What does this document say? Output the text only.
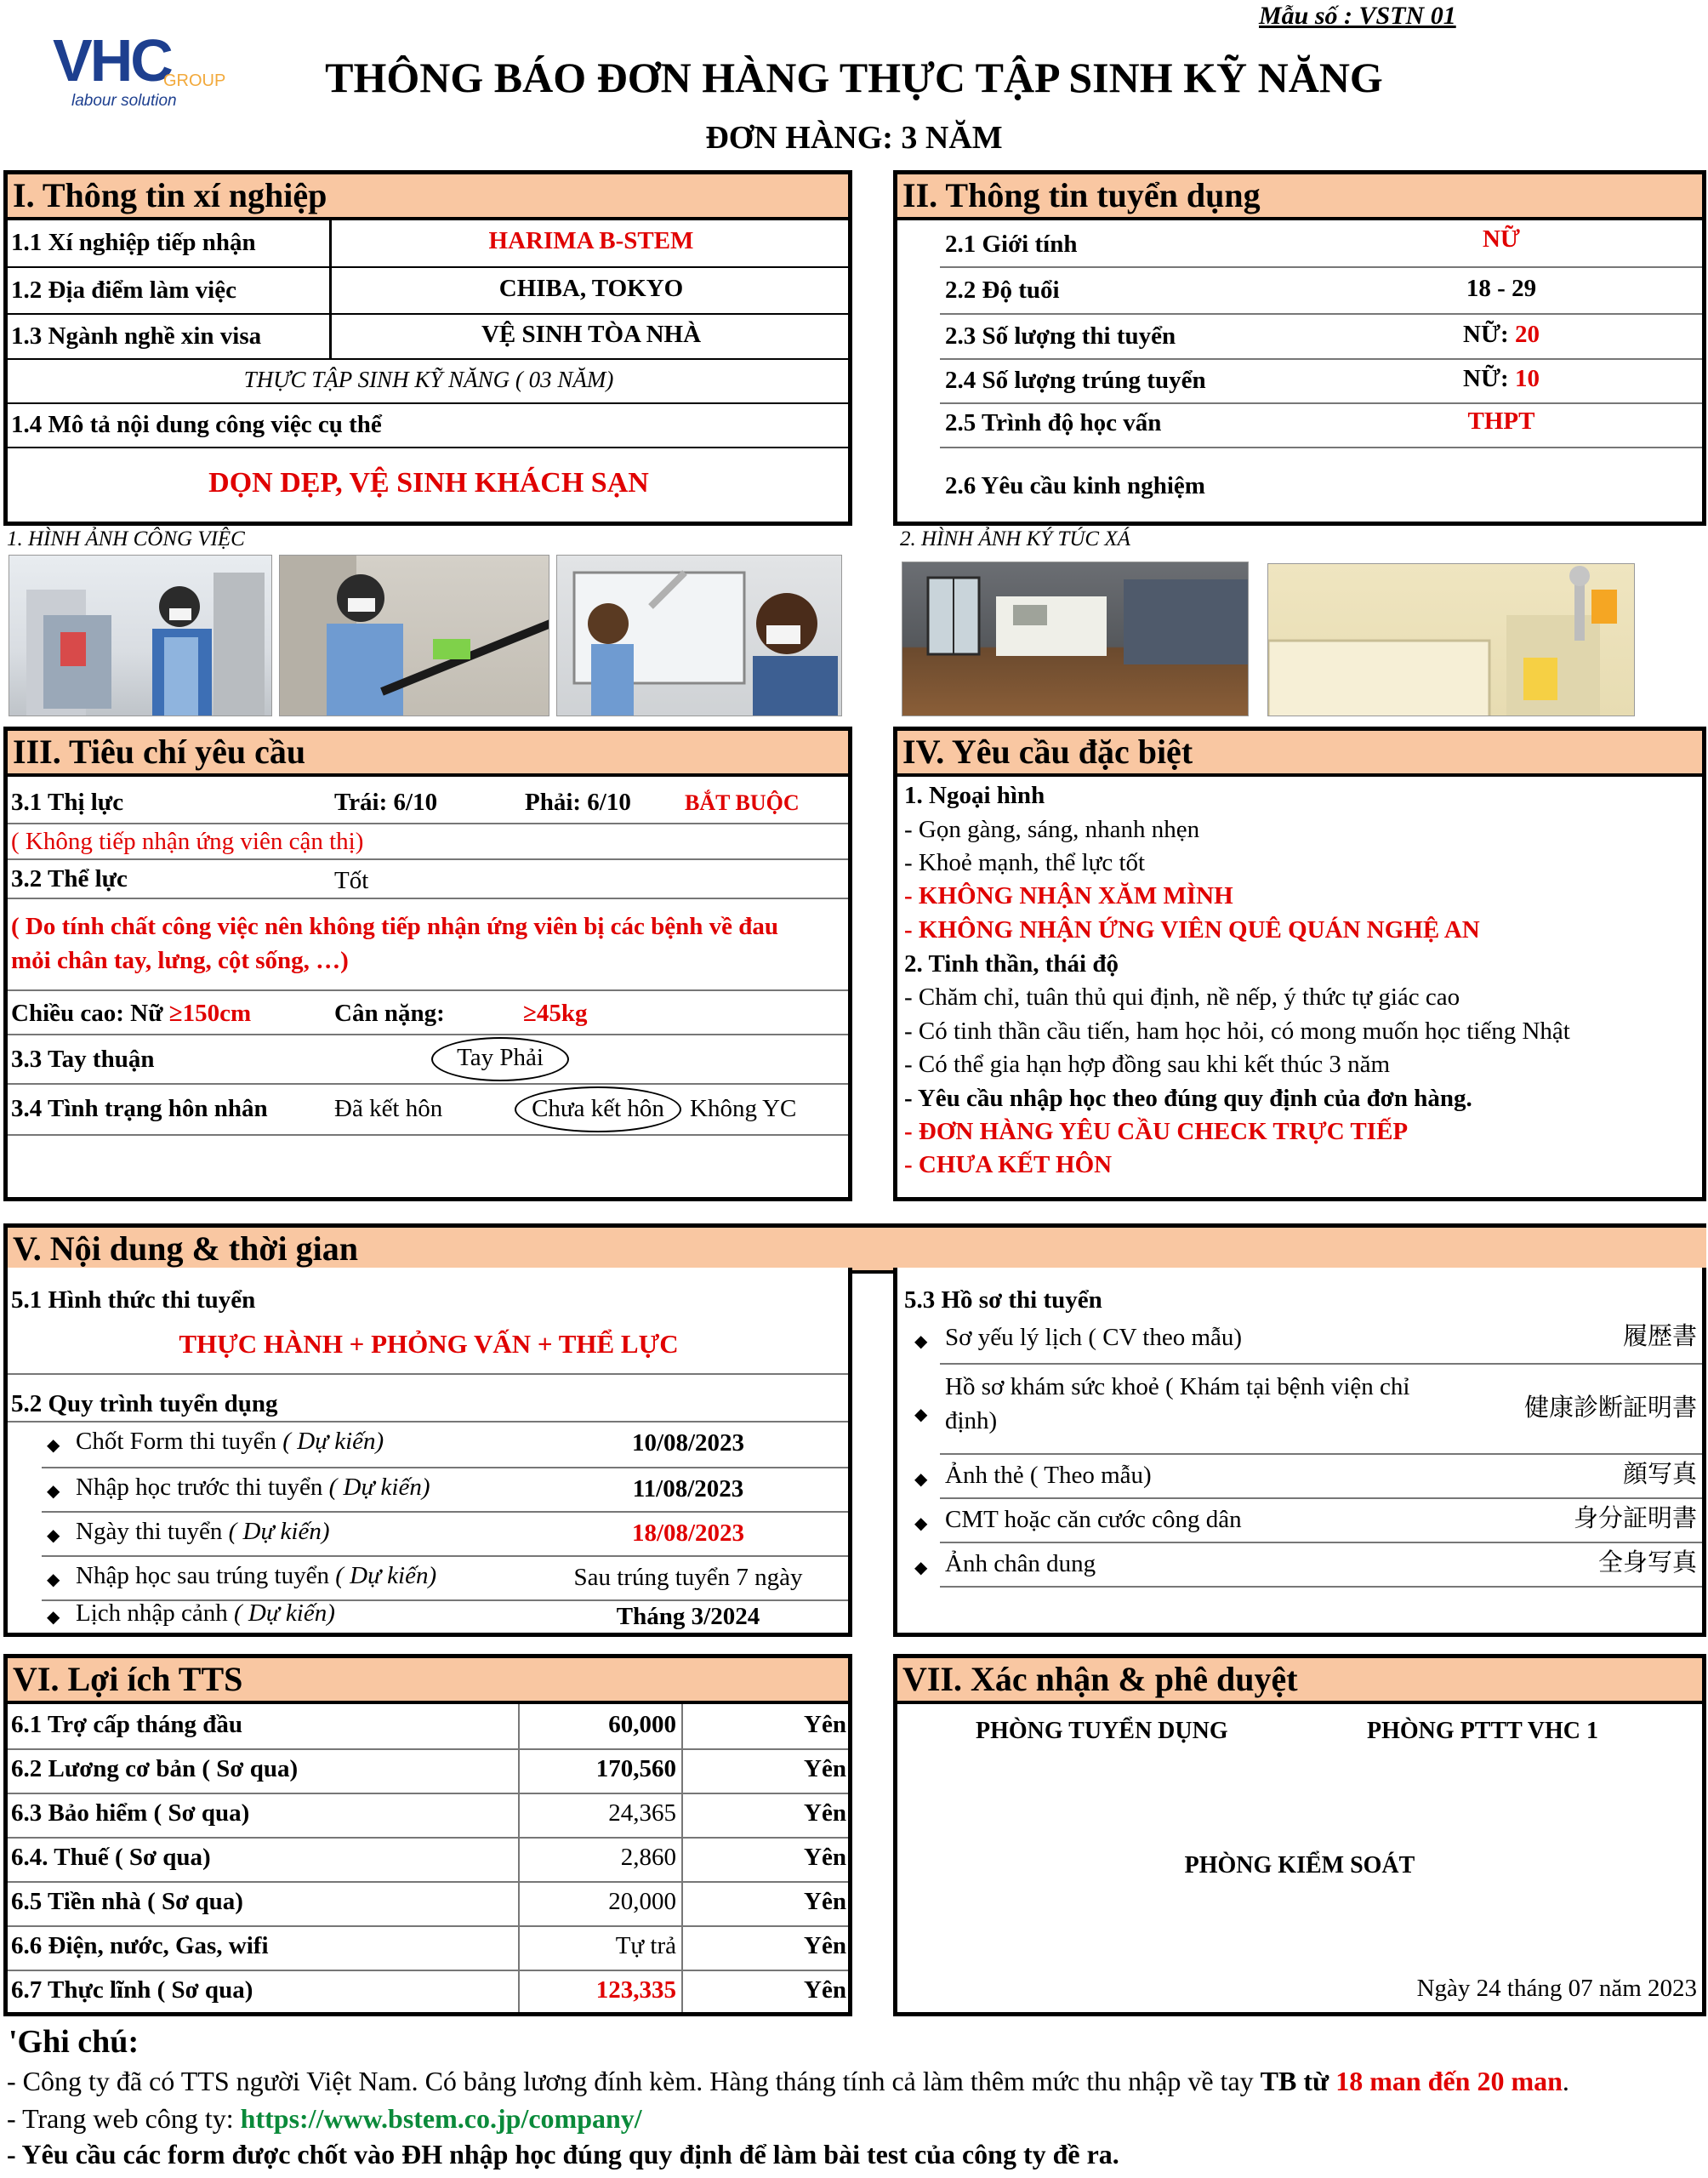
Mẫu số : VSTN 01
VHC
GROUP
labour solution	THÔNG BÁO ĐƠN HÀNG THỰC TẬP SINH KỸ NĂNG
ĐƠN HÀNG: 3 NĂM
I. Thông tin xí nghiệp
1.1 Xí nghiệp tiếp nhận	HARIMA B-STEM
1.2 Địa điểm làm việc	CHIBA, TOKYO
1.3 Ngành nghề xin visa	VỆ SINH TÒA NHÀ
THỰC TẬP SINH KỸ NĂNG ( 03 NĂM)
1.4 Mô tả nội dung công việc cụ thể
DỌN DẸP, VỆ SINH KHÁCH SẠN
II. Thông tin tuyển dụng
2.1 Giới tính	NỮ
2.2 Độ tuổi	18 - 29
2.3 Số lượng thi tuyển	NỮ: 20
2.4 Số lượng trúng tuyển	NỮ: 10
2.5 Trình độ học vấn	THPT
2.6 Yêu cầu kinh nghiệm
1. HÌNH ẢNH CÔNG VIỆC	2. HÌNH ẢNH KÝ TÚC XÁ
III. Tiêu chí yêu cầu
3.1 Thị lực	Trái: 6/10	Phải: 6/10 BẮT BUỘC
( Không tiếp nhận ứng viên cận thị)
3.2 Thể lực	Tốt
( Do tính chất công việc nên không tiếp nhận ứng viên bị các bệnh về đau
mỏi chân tay, lưng, cột sống, …)
Chiều cao: Nữ ≥150cm	Cân nặng:	≥45kg
3.3 Tay thuận	Tay Phải
3.4 Tình trạng hôn nhân	Đã kết hôn	Chưa kết hôn	Không YC
IV. Yêu cầu đặc biệt
1. Ngoại hình
- Gọn gàng, sáng, nhanh nhẹn
- Khoẻ mạnh, thể lực tốt
- KHÔNG NHẬN XĂM MÌNH
- KHÔNG NHẬN ỨNG VIÊN QUÊ QUÁN NGHỆ AN
2. Tinh thần, thái độ
- Chăm chỉ, tuân thủ qui định, nề nếp, ý thức tự giác cao
- Có tinh thần cầu tiến, ham học hỏi, có mong muốn học tiếng Nhật
- Có thể gia hạn hợp đồng sau khi kết thúc 3 năm
- Yêu cầu nhập học theo đúng quy định của đơn hàng.
- ĐƠN HÀNG YÊU CẦU CHECK TRỰC TIẾP
- CHƯA KẾT HÔN
V. Nội dung & thời gian
5.1 Hình thức thi tuyển
THỰC HÀNH + PHỎNG VẤN + THỂ LỰC
5.2 Quy trình tuyển dụng
◆ Chốt Form thi tuyển ( Dự kiến)	10/08/2023
◆ Nhập học trước thi tuyển ( Dự kiến)	11/08/2023
◆ Ngày thi tuyển ( Dự kiến)	18/08/2023
◆ Nhập học sau trúng tuyển ( Dự kiến)	Sau trúng tuyển 7 ngày
◆ Lịch nhập cảnh ( Dự kiến)	Tháng 3/2024
5.3 Hồ sơ thi tuyển
◆ Sơ yếu lý lịch ( CV theo mẫu)	履歴書
◆
Hồ sơ khám sức khoẻ ( Khám tại bệnh viện chỉ
định)	健康診断証明書
◆ Ảnh thẻ ( Theo mẫu)	顔写真
◆ CMT hoặc căn cước công dân	身分証明書
◆ Ảnh chân dung	全身写真
VI. Lợi ích TTS
6.1 Trợ cấp tháng đầu	60,000	Yên
6.2 Lương cơ bản ( Sơ qua)	170,560	Yên
6.3 Bảo hiểm ( Sơ qua)	24,365	Yên
6.4. Thuế ( Sơ qua)	2,860	Yên
6.5 Tiền nhà ( Sơ qua)	20,000	Yên
6.6 Điện, nước, Gas, wifi	Tự trả	Yên
6.7 Thực lĩnh ( Sơ qua)	123,335	Yên
VII. Xác nhận & phê duyệt
PHÒNG TUYỂN DỤNG	PHÒNG PTTT VHC 1
PHÒNG KIỂM SOÁT
Ngày 24 tháng 07 năm 2023
'Ghi chú:
- Công ty đã có TTS người Việt Nam. Có bảng lương đính kèm. Hàng tháng tính cả làm thêm mức thu nhập về tay TB từ 18 man đến 20 man.
- Trang web công ty: https://www.bstem.co.jp/company/
- Yêu cầu các form được chốt vào ĐH nhập học đúng quy định để làm bài test của công ty đề ra.
